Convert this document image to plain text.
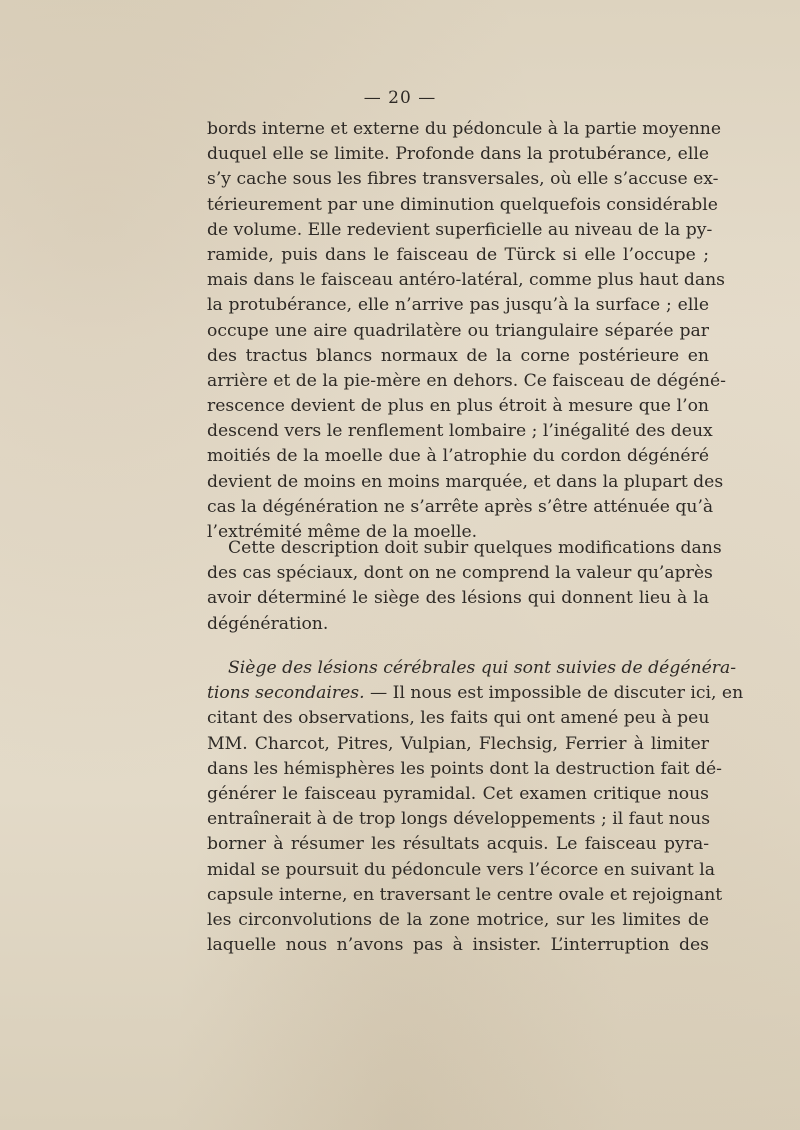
— 20 —
bords interne et externe du pédoncule à la partie moyenne
duquel elle se limite. Profonde dans la protubérance, elle
s’y cache sous les fibres transversales, où elle s’accuse ex-
térieurement par une diminution quelquefois considérable
de volume. Elle redevient superficielle au niveau de la py-
ramide, puis dans le faisceau de Türck si elle l’occupe ;
mais dans le faisceau antéro-latéral, comme plus haut dans
la protubérance, elle n’arrive pas jusqu’à la surface ; elle
occupe une aire quadrilatère ou triangulaire séparée par
des tractus blancs normaux de la corne postérieure en
arrière et de la pie-mère en dehors. Ce faisceau de dégéné-
rescence devient de plus en plus étroit à mesure que l’on
descend vers le renflement lombaire ; l’inégalité des deux
moitiés de la moelle due à l’atrophie du cordon dégénéré
devient de moins en moins marquée, et dans la plupart des
cas la dégénération ne s’arrête après s’être atténuée qu’à
l’extrémité même de la moelle.
Cette description doit subir quelques modifications dans
des cas spéciaux, dont on ne comprend la valeur qu’après
avoir déterminé le siège des lésions qui donnent lieu à la
dégénération.
Siège des lésions cérébrales qui sont suivies de dégénéra-
tions secondaires. — Il nous est impossible de discuter ici, en
citant des observations, les faits qui ont amené peu à peu
MM. Charcot, Pitres, Vulpian, Flechsig, Ferrier à limiter
dans les hémisphères les points dont la destruction fait dé-
générer le faisceau pyramidal. Cet examen critique nous
entraînerait à de trop longs développements ; il faut nous
borner à résumer les résultats acquis. Le faisceau pyra-
midal se poursuit du pédoncule vers l’écorce en suivant la
capsule interne, en traversant le centre ovale et rejoignant
les circonvolutions de la zone motrice, sur les limites de
laquelle nous n’avons pas à insister. L’interruption des
